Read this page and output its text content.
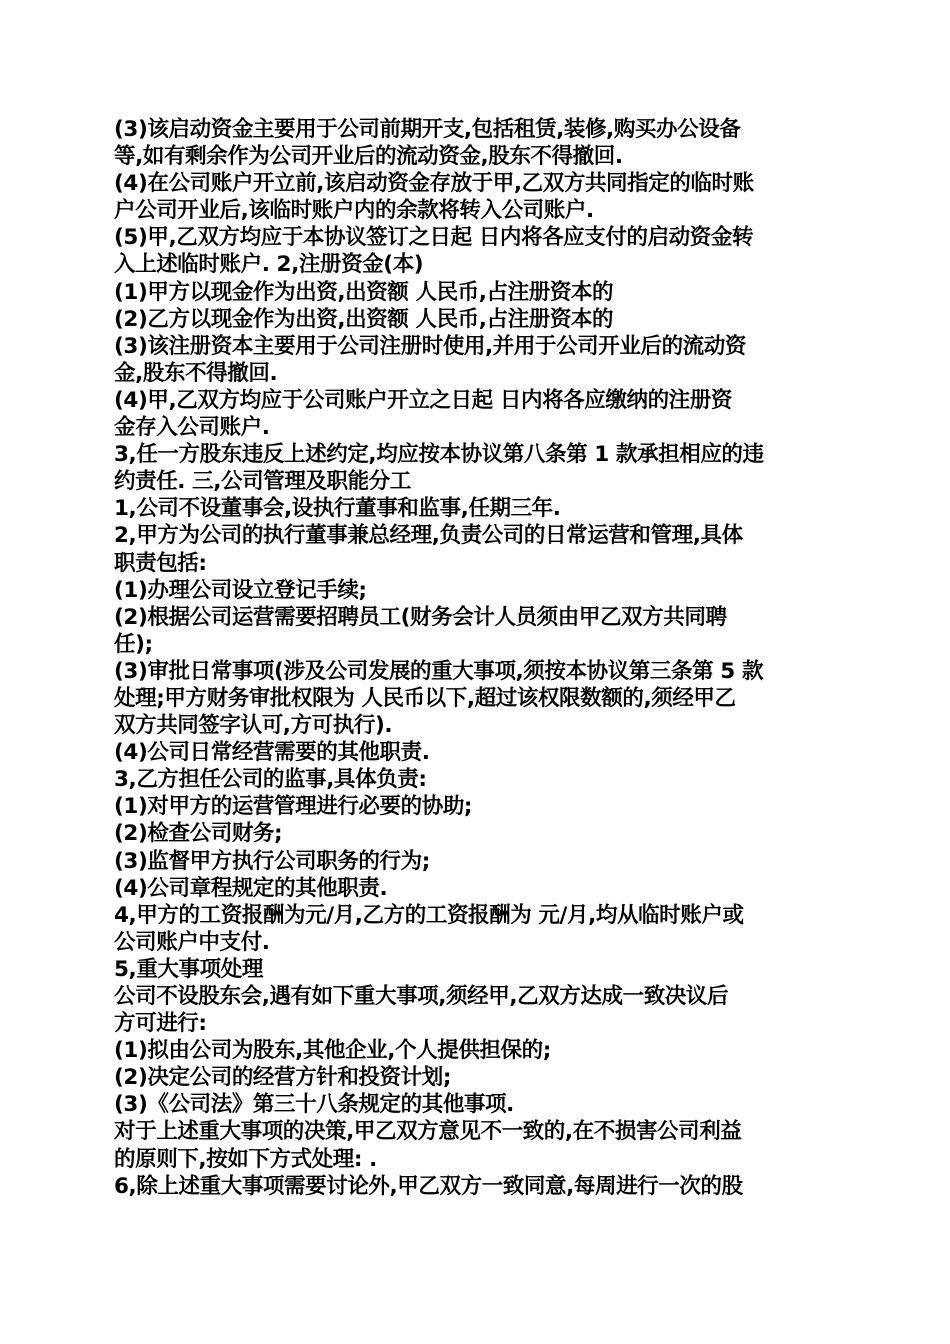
(3)该启动资金主要用于公司前期开支,包括租赁,装修,购买办公设备
等,如有剩余作为公司开业后的流动资金,股东不得撤回.
(4)在公司账户开立前,该启动资金存放于甲,乙双方共同指定的临时账
户公司开业后,该临时账户内的余款将转入公司账户.
(5)甲,乙双方均应于本协议签订之日起 日内将各应支付的启动资金转
入上述临时账户. 2,注册资金(本)
(1)甲方以现金作为出资,出资额 人民币,占注册资本的
(2)乙方以现金作为出资,出资额 人民币,占注册资本的
(3)该注册资本主要用于公司注册时使用,并用于公司开业后的流动资
金,股东不得撤回.
(4)甲,乙双方均应于公司账户开立之日起 日内将各应缴纳的注册资
金存入公司账户.
3,任一方股东违反上述约定,均应按本协议第八条第 1 款承担相应的违
约责任. 三,公司管理及职能分工
1,公司不设董事会,设执行董事和监事,任期三年.
2,甲方为公司的执行董事兼总经理,负责公司的日常运营和管理,具体
职责包括:
(1)办理公司设立登记手续;
(2)根据公司运营需要招聘员工(财务会计人员须由甲乙双方共同聘
任);
(3)审批日常事项(涉及公司发展的重大事项,须按本协议第三条第 5 款
处理;甲方财务审批权限为 人民币以下,超过该权限数额的,须经甲乙
双方共同签字认可,方可执行).
(4)公司日常经营需要的其他职责.
3,乙方担任公司的监事,具体负责:
(1)对甲方的运营管理进行必要的协助;
(2)检查公司财务;
(3)监督甲方执行公司职务的行为;
(4)公司章程规定的其他职责.
4,甲方的工资报酬为元/月,乙方的工资报酬为 元/月,均从临时账户或
公司账户中支付.
5,重大事项处理
公司不设股东会,遇有如下重大事项,须经甲,乙双方达成一致决议后
方可进行:
(1)拟由公司为股东,其他企业,个人提供担保的;
(2)决定公司的经营方针和投资计划;
(3)《公司法》第三十八条规定的其他事项.
对于上述重大事项的决策,甲乙双方意见不一致的,在不损害公司利益
的原则下,按如下方式处理: .
6,除上述重大事项需要讨论外,甲乙双方一致同意,每周进行一次的股
